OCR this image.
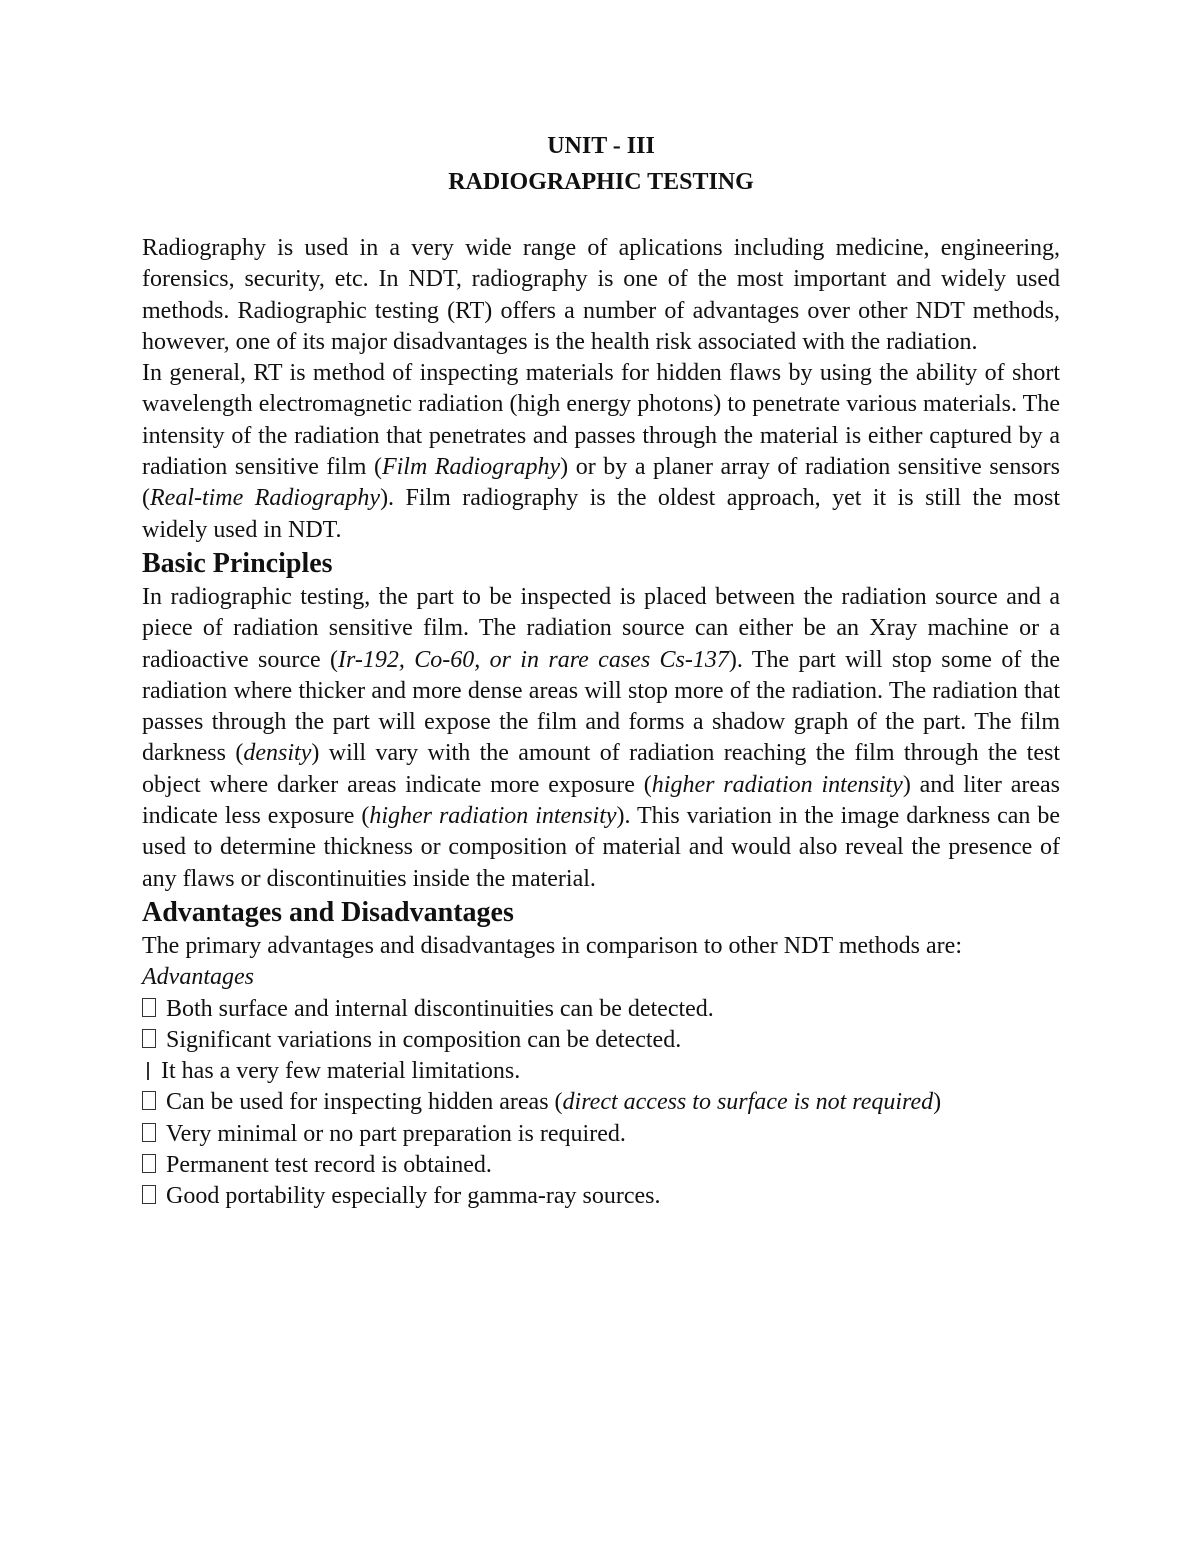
UNIT - III

RADIOGRAPHIC TESTING

Radiography is used in a very wide range of aplications including medicine, engineering, forensics, security, etc. In NDT, radiography is one of the most important and widely used methods. Radiographic testing (RT) offers a number of advantages over other NDT methods, however, one of its major disadvantages is the health risk associated with the radiation.

In general, RT is method of inspecting materials for hidden flaws by using the ability of short wavelength electromagnetic radiation (high energy photons) to penetrate various materials. The intensity of the radiation that penetrates and passes through the material is either captured by a radiation sensitive film (Film Radiography) or by a planer array of radiation sensitive sensors (Real-time Radiography). Film radiography is the oldest approach, yet it is still the most widely used in NDT.

Basic Principles

In radiographic testing, the part to be inspected is placed between the radiation source and a piece of radiation sensitive film. The radiation source can either be an Xray machine or a radioactive source (Ir-192, Co-60, or in rare cases Cs-137). The part will stop some of the radiation where thicker and more dense areas will stop more of the radiation. The radiation that passes through the part will expose the film and forms a shadow graph of the part. The film darkness (density) will vary with the amount of radiation reaching the film through the test object where darker areas indicate more exposure (higher radiation intensity) and liter areas indicate less exposure (higher radiation intensity). This variation in the image darkness can be used to determine thickness or composition of material and would also reveal the presence of any flaws or discontinuities inside the material.

Advantages and Disadvantages

The primary advantages and disadvantages in comparison to other NDT methods are:

Advantages

Both surface and internal discontinuities can be detected.
Significant variations in composition can be detected.
It has a very few material limitations.
Can be used for inspecting hidden areas (direct access to surface is not required)
Very minimal or no part preparation is required.
Permanent test record is obtained.
Good portability especially for gamma-ray sources.
